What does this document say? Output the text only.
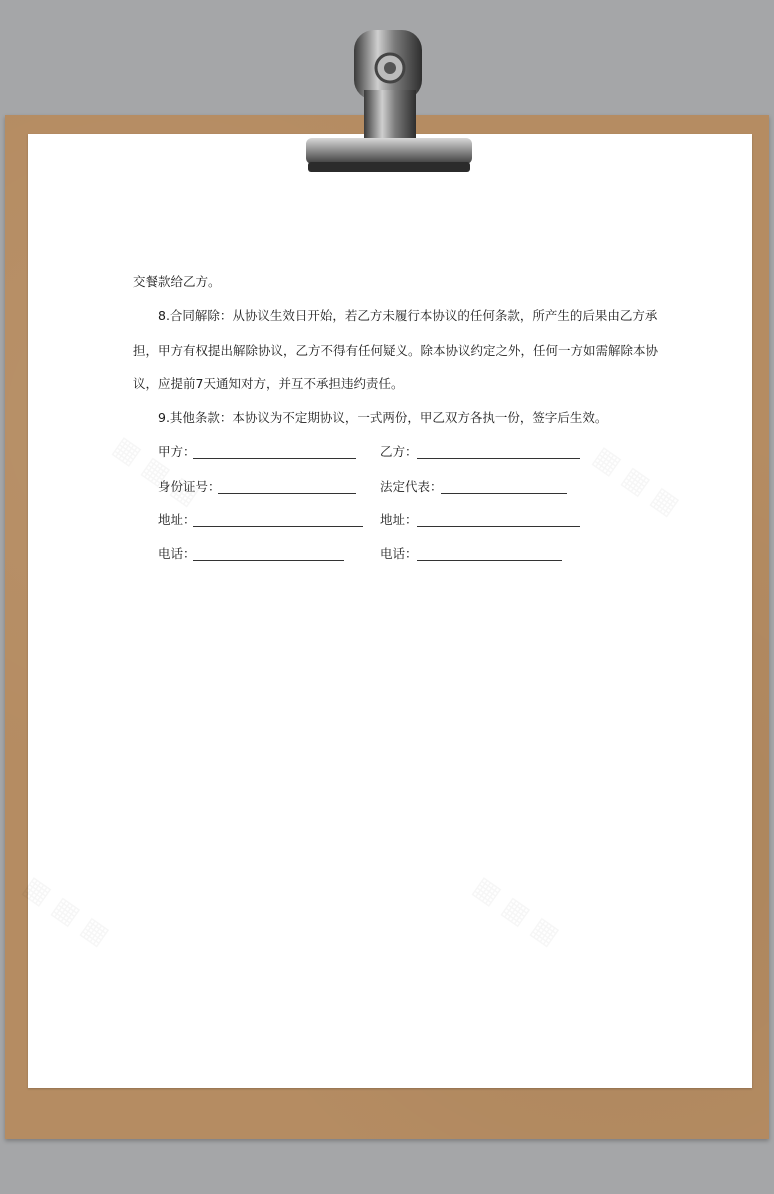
交餐款给乙方。
8.合同解除：从协议生效日开始，若乙方未履行本协议的任何条款，所产生的后果由乙方承
担，甲方有权提出解除协议，乙方不得有任何疑义。除本协议约定之外，任何一方如需解除本协
议，应提前7天通知对方，并互不承担违约责任。
9.其他条款：本协议为不定期协议，一式两份，甲乙双方各执一份，签字后生效。
甲方：	乙方：
身份证号：	法定代表：
地址：	地址：
电话：	电话：
